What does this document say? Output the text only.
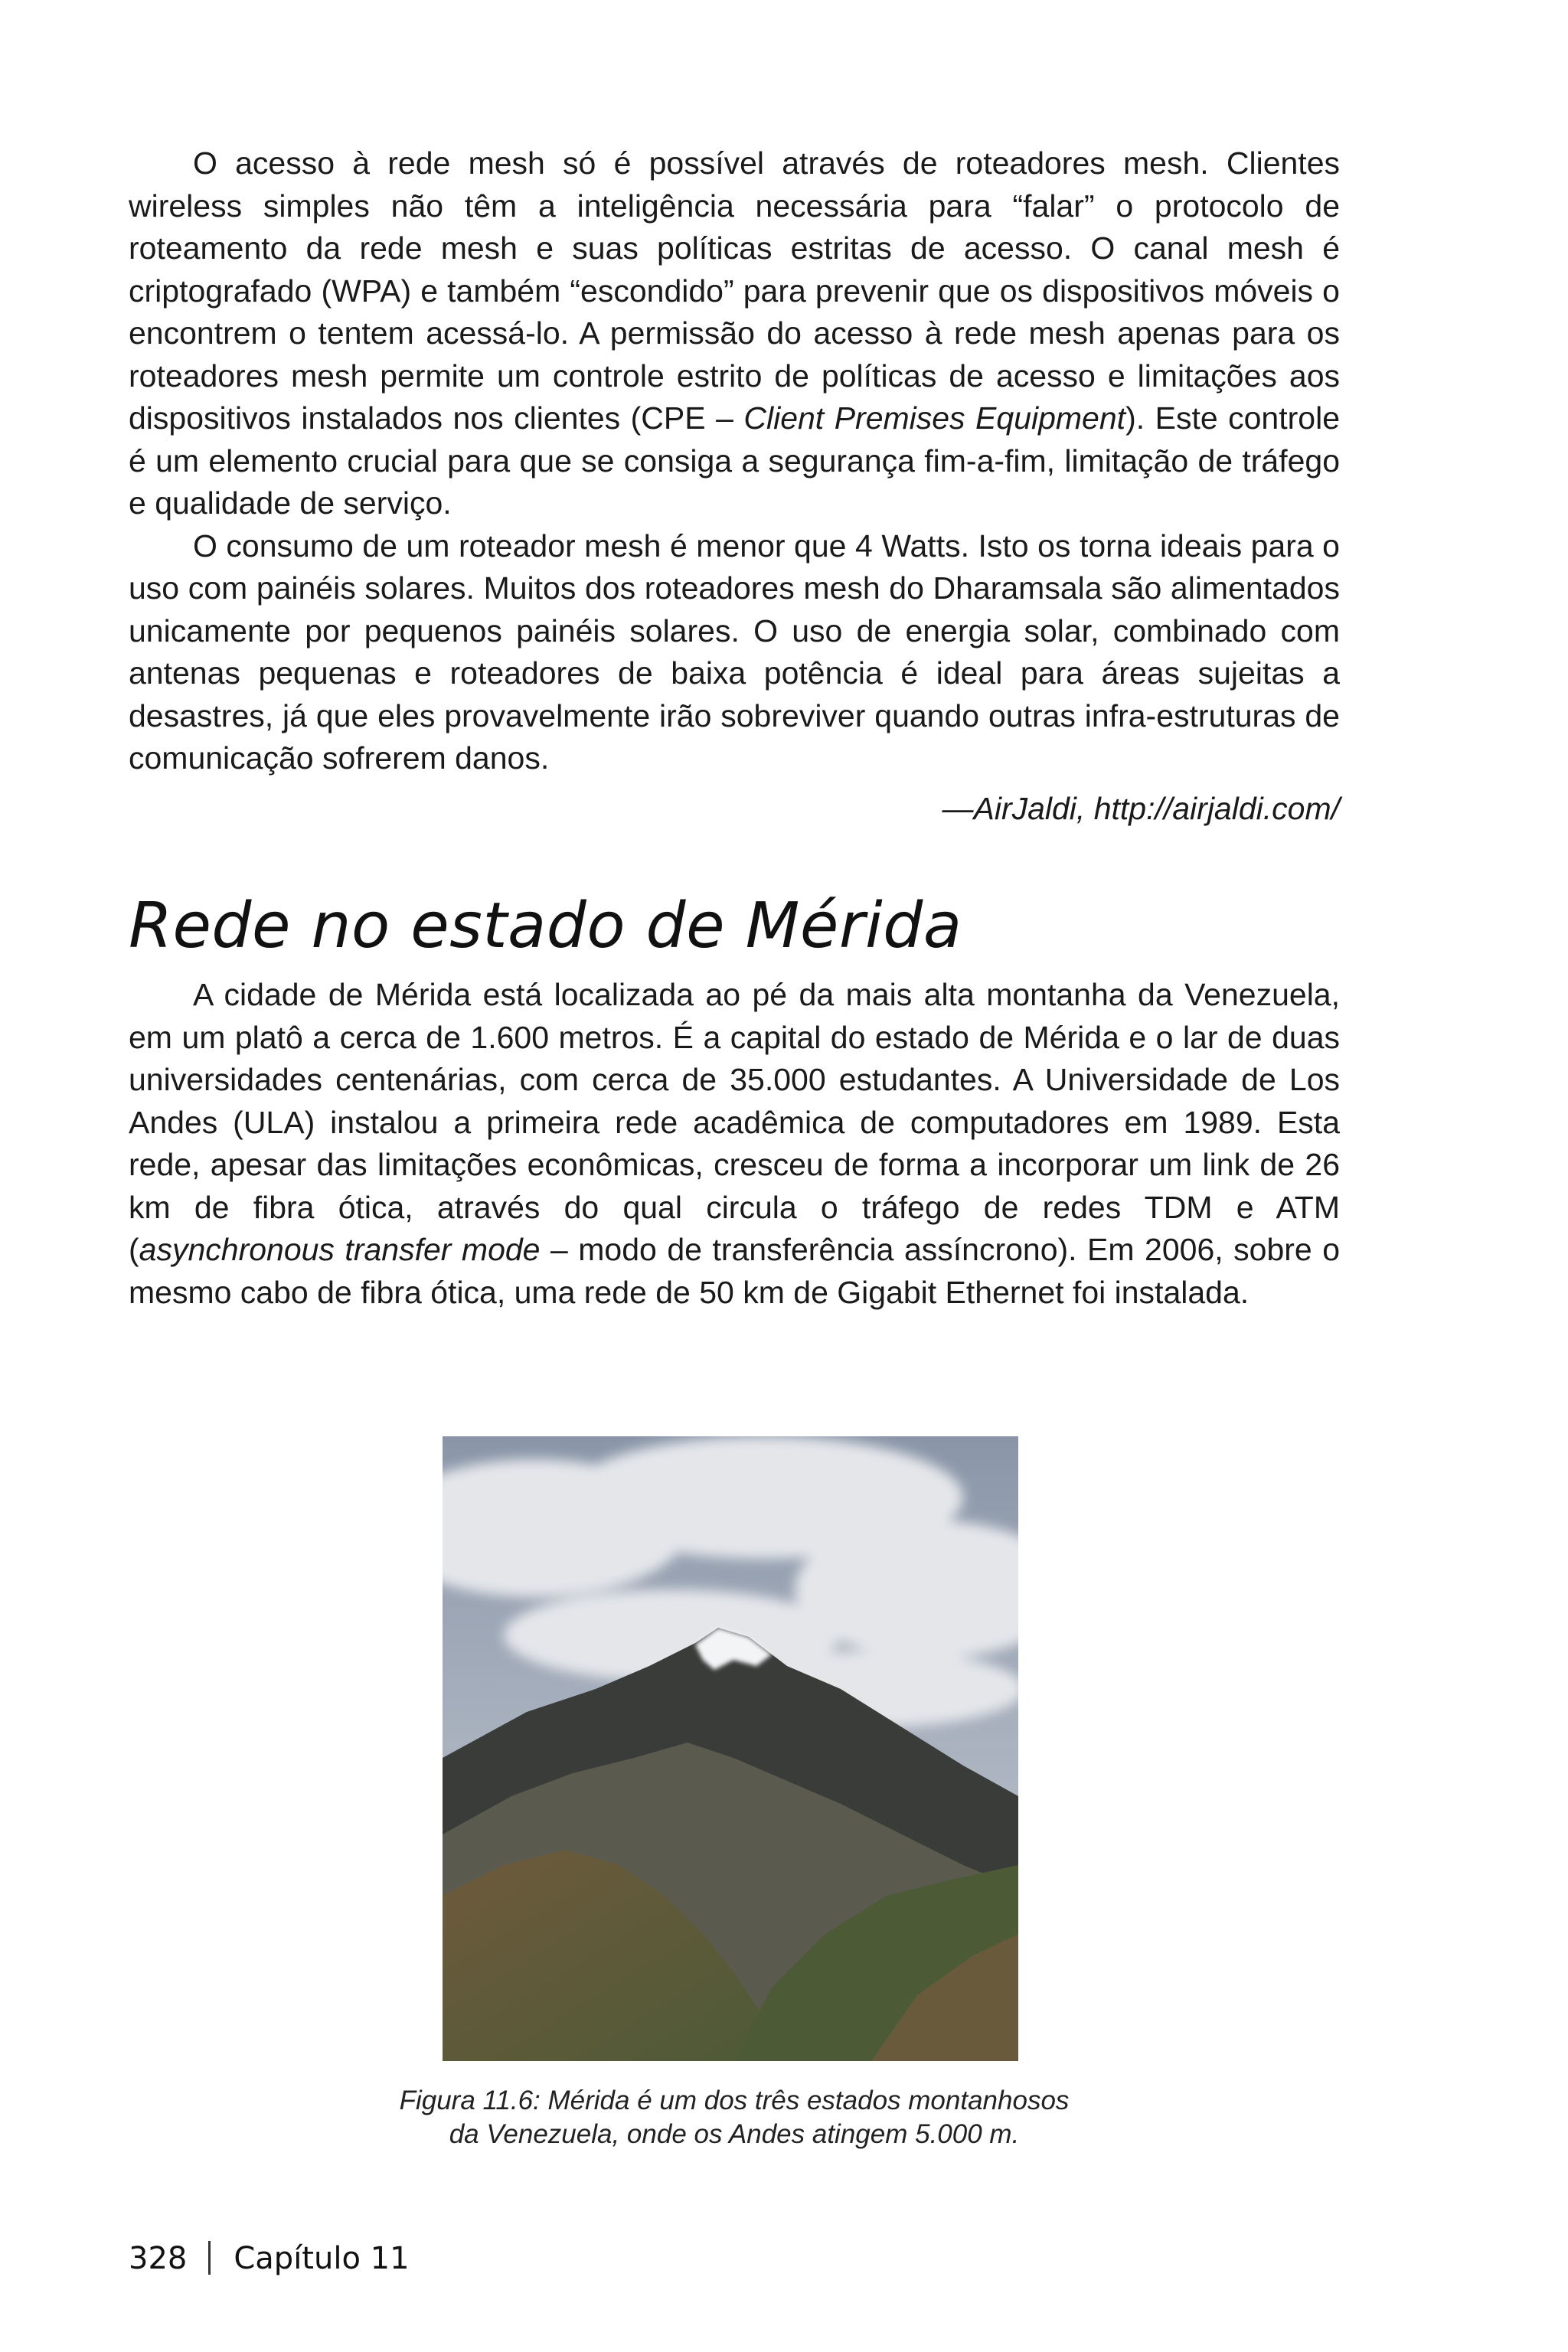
O acesso à rede mesh só é possível através de roteadores mesh. Clientes wireless simples não têm a inteligência necessária para “falar” o protocolo de roteamento da rede mesh e suas políticas estritas de acesso. O canal mesh é criptografado (WPA) e também “escondido” para prevenir que os dispositivos móveis o encontrem o tentem acessá-lo. A permissão do acesso à rede mesh apenas para os roteadores mesh permite um controle estrito de políticas de acesso e limitações aos dispositivos instalados nos clientes (CPE – Client Premises Equipment). Este controle é um elemento crucial para que se consiga a segurança fim-a-fim, limitação de tráfego e qualidade de serviço.

O consumo de um roteador mesh é menor que 4 Watts. Isto os torna ideais para o uso com painéis solares. Muitos dos roteadores mesh do Dharamsala são alimentados unicamente por pequenos painéis solares. O uso de energia solar, combinado com antenas pequenas e roteadores de baixa potência é ideal para áreas sujeitas a desastres, já que eles provavelmente irão sobreviver quando outras infra-estruturas de comunicação sofrerem danos.

—AirJaldi, http://airjaldi.com/

Rede no estado de Mérida

A cidade de Mérida está localizada ao pé da mais alta montanha da Venezuela, em um platô a cerca de 1.600 metros. É a capital do estado de Mérida e o lar de duas universidades centenárias, com cerca de 35.000 estudantes. A Universidade de Los Andes (ULA) instalou a primeira rede acadêmica de computadores em 1989. Esta rede, apesar das limitações econômicas, cresceu de forma a incorporar um link de 26 km de fibra ótica, através do qual circula o tráfego de redes TDM e ATM (asynchronous transfer mode – modo de transferência assíncrono). Em 2006, sobre o mesmo cabo de fibra ótica, uma rede de 50 km de Gigabit Ethernet foi instalada.

Figura 11.6: Mérida é um dos três estados montanhosos
da Venezuela, onde os Andes atingem 5.000 m.
328 Capítulo 11
